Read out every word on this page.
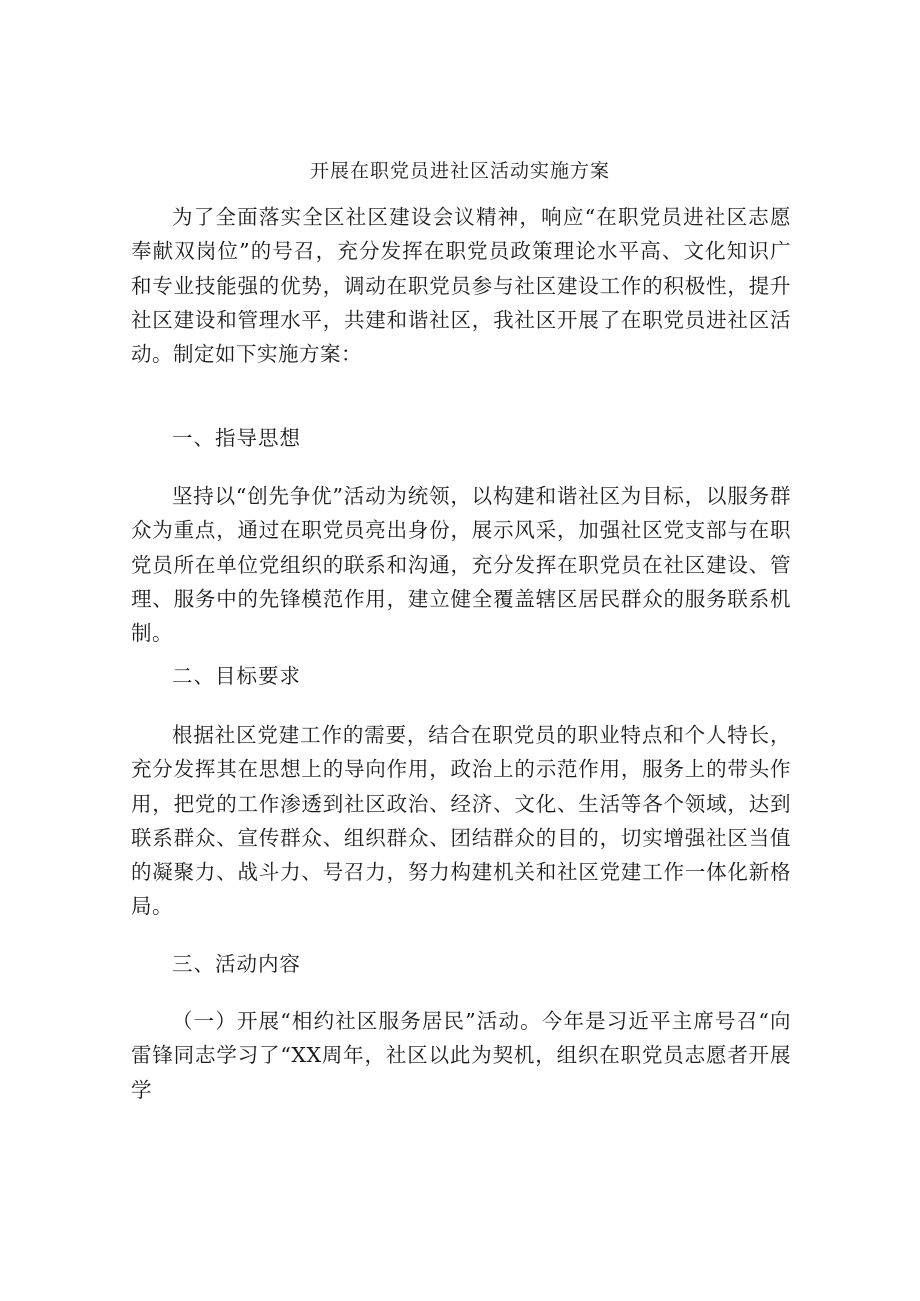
开展在职党员进社区活动实施方案

为了全面落实全区社区建设会议精神，响应“在职党员进社区志愿奉献双岗位”的号召，充分发挥在职党员政策理论水平高、文化知识广和专业技能强的优势，调动在职党员参与社区建设工作的积极性，提升社区建设和管理水平，共建和谐社区，我社区开展了在职党员进社区活动。制定如下实施方案：

一、指导思想

坚持以“创先争优”活动为统领，以构建和谐社区为目标，以服务群众为重点，通过在职党员亮出身份，展示风采，加强社区党支部与在职党员所在单位党组织的联系和沟通，充分发挥在职党员在社区建设、管理、服务中的先锋模范作用，建立健全覆盖辖区居民群众的服务联系机制。

二、目标要求

根据社区党建工作的需要，结合在职党员的职业特点和个人特长，充分发挥其在思想上的导向作用，政治上的示范作用，服务上的带头作用，把党的工作渗透到社区政治、经济、文化、生活等各个领域，达到联系群众、宣传群众、组织群众、团结群众的目的，切实增强社区当值的凝聚力、战斗力、号召力，努力构建机关和社区党建工作一体化新格局。

三、活动内容

（一）开展“相约社区服务居民”活动。今年是习近平主席号召“向雷锋同志学习了“XX周年，社区以此为契机，组织在职党员志愿者开展学
